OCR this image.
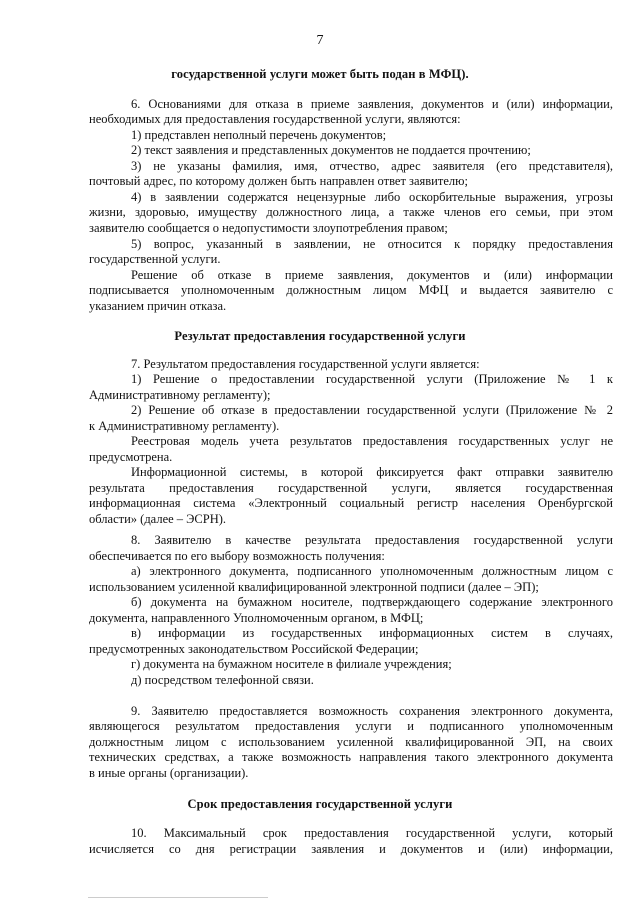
7
государственной услуги может быть подан в МФЦ).
6. Основаниями для отказа в приеме заявления, документов и (или) информации,
необходимых для предоставления государственной услуги, являются:
1) представлен неполный перечень документов;
2) текст заявления и представленных документов не поддается прочтению;
3) не указаны фамилия, имя, отчество, адрес заявителя (его представителя),
почтовый адрес, по которому должен быть направлен ответ заявителю;
4) в заявлении содержатся нецензурные либо оскорбительные выражения, угрозы
жизни, здоровью, имуществу должностного лица, а также членов его семьи, при этом
заявителю сообщается о недопустимости злоупотребления правом;
5) вопрос, указанный в заявлении, не относится к порядку предоставления
государственной услуги.
Решение об отказе в приеме заявления, документов и (или) информации
подписывается уполномоченным должностным лицом МФЦ и выдается заявителю с
указанием причин отказа.
Результат предоставления государственной услуги
7. Результатом предоставления государственной услуги является:
1) Решение о предоставлении государственной услуги (Приложение № 1 к
Административному регламенту);
2) Решение об отказе в предоставлении государственной услуги (Приложение № 2
к Административному регламенту).
Реестровая модель учета результатов предоставления государственных услуг не
предусмотрена.
Информационной системы, в которой фиксируется факт отправки заявителю
результата предоставления государственной услуги, является государственная
информационная система «Электронный социальный регистр населения Оренбургской
области» (далее – ЭСРН).
8. Заявителю в качестве результата предоставления государственной услуги
обеспечивается по его выбору возможность получения:
а) электронного документа, подписанного уполномоченным должностным лицом с
использованием усиленной квалифицированной электронной подписи (далее – ЭП);
б) документа на бумажном носителе, подтверждающего содержание электронного
документа, направленного Уполномоченным органом, в МФЦ;
в) информации из государственных информационных систем в случаях,
предусмотренных законодательством Российской Федерации;
г) документа на бумажном носителе в филиале учреждения;
д) посредством телефонной связи.
9. Заявителю предоставляется возможность сохранения электронного документа,
являющегося результатом предоставления услуги и подписанного уполномоченным
должностным лицом с использованием усиленной квалифицированной ЭП, на своих
технических средствах, а также возможность направления такого электронного документа
в иные органы (организации).
Срок предоставления государственной услуги
10. Максимальный срок предоставления государственной услуги, который
исчисляется со дня регистрации заявления и документов и (или) информации,
